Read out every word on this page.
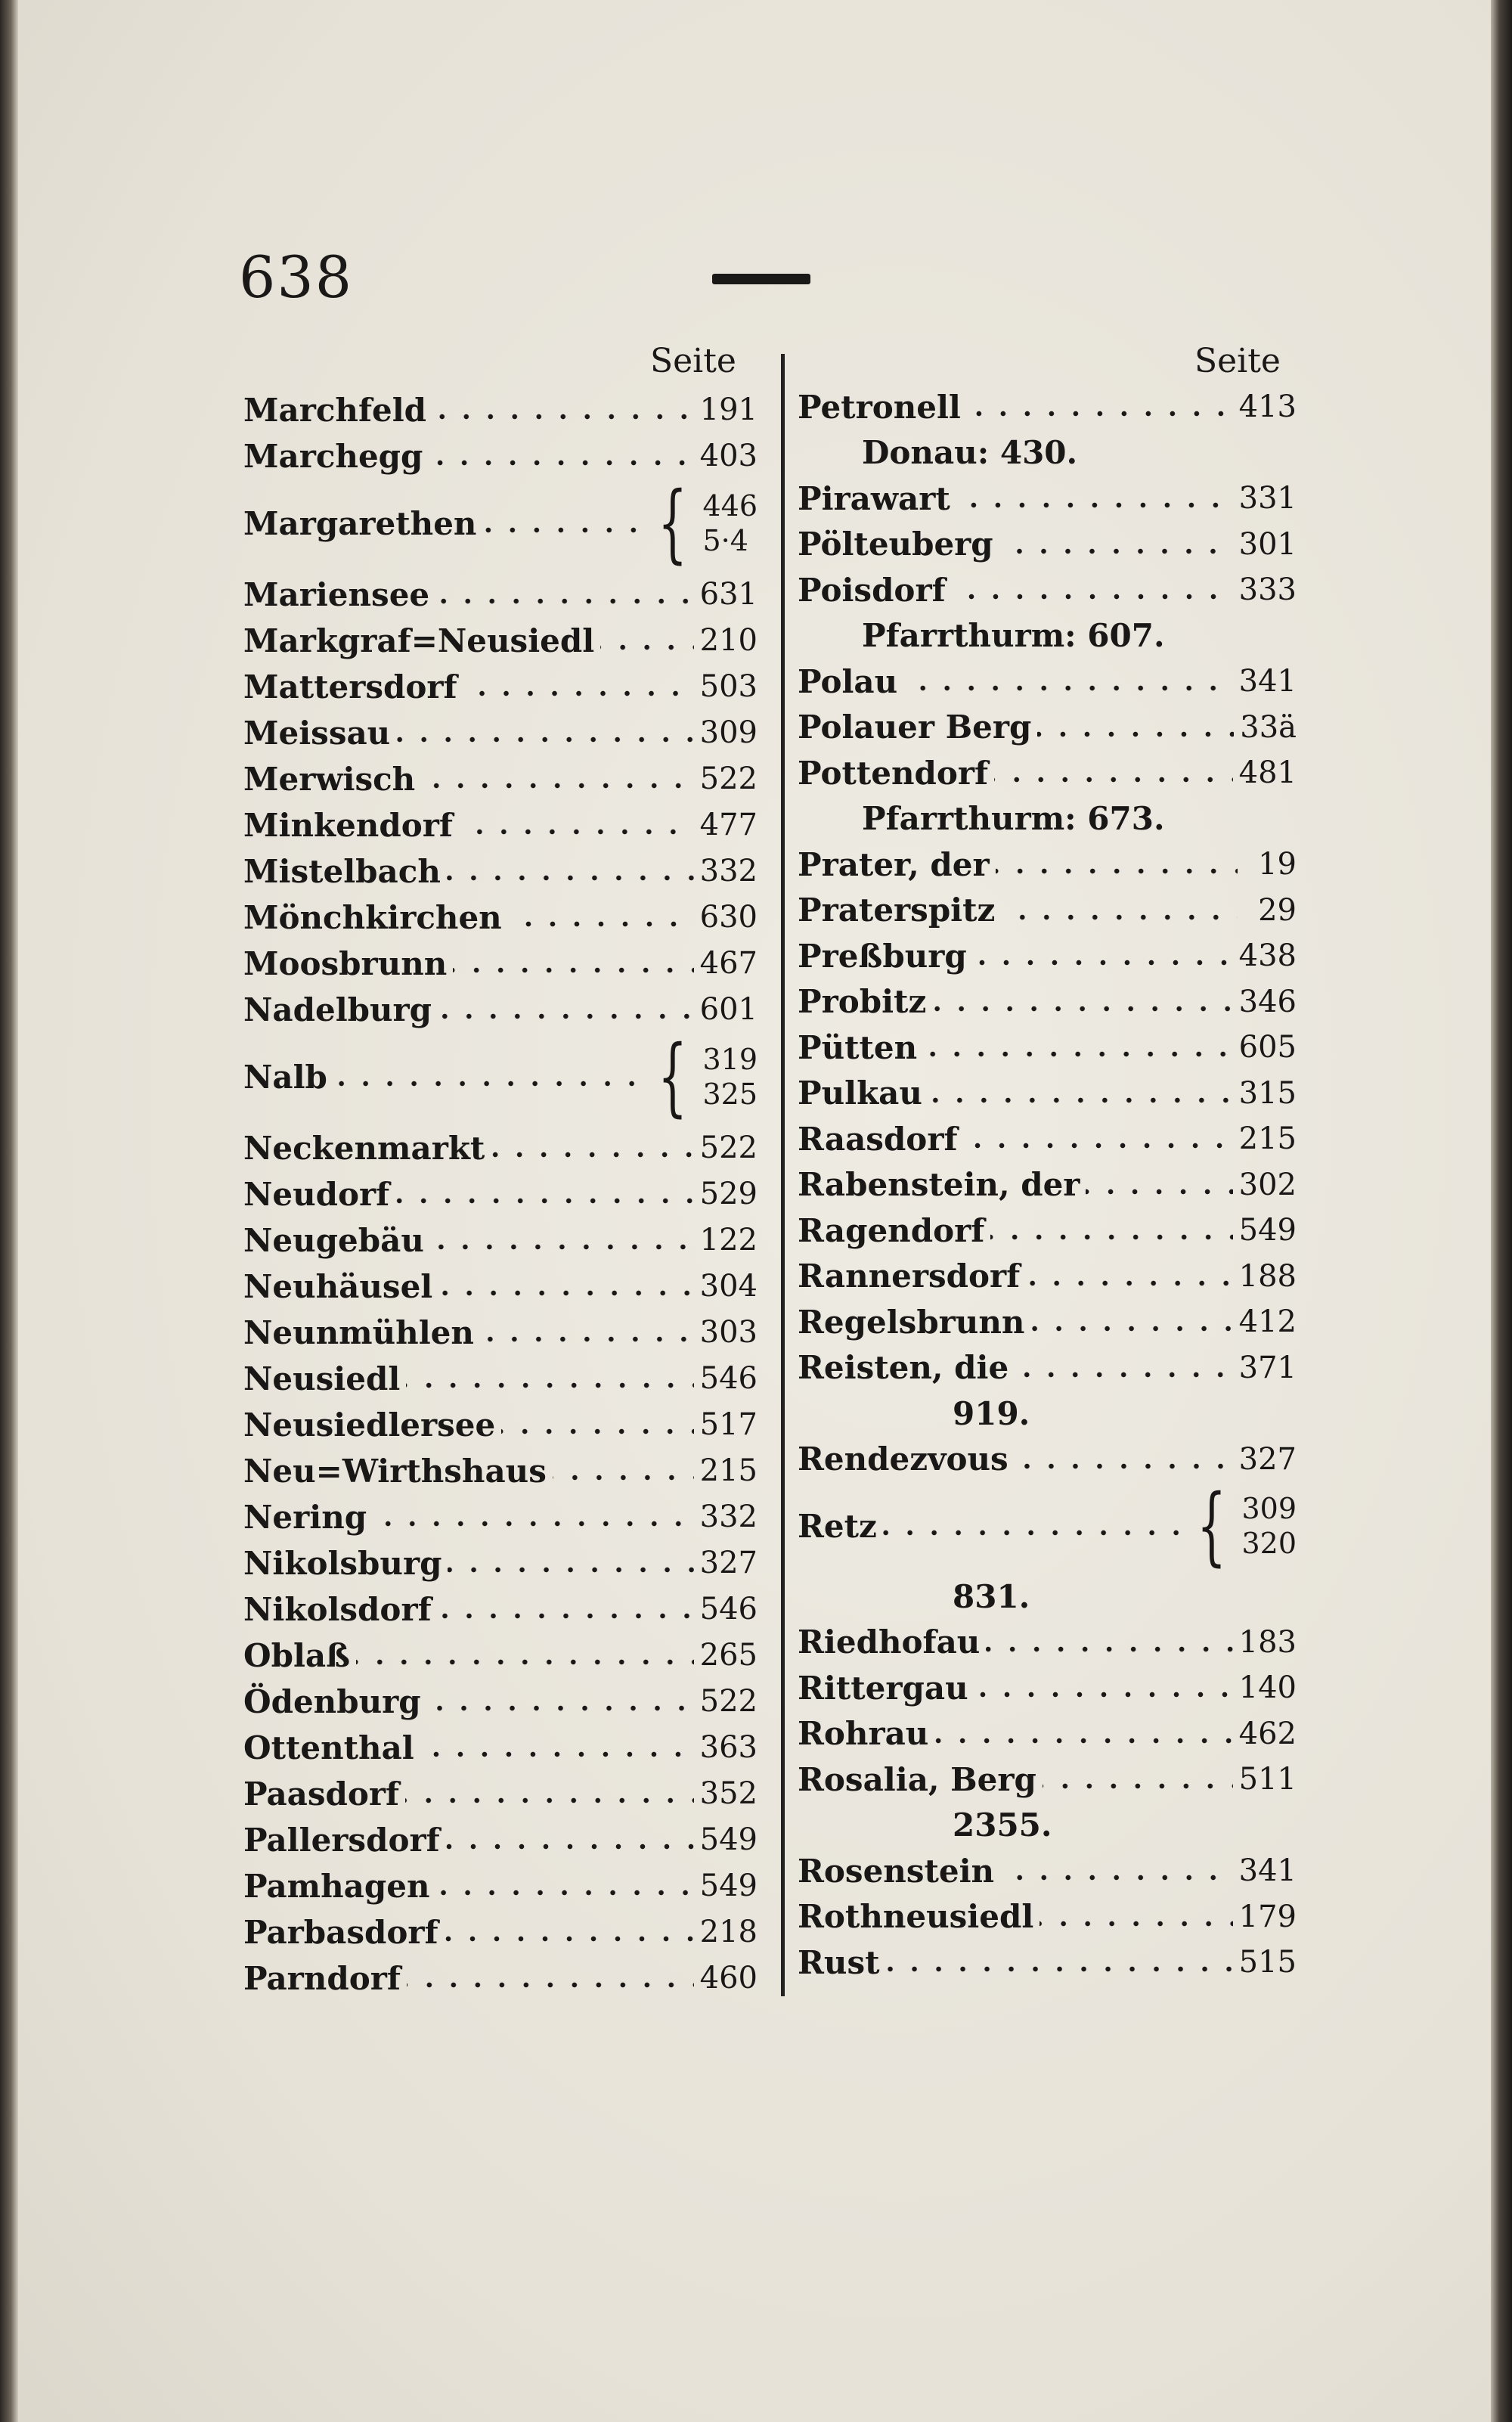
638
Seite	Seite
Marchfeld	191
Marchegg	403
Margarethen { 446
5·4
Mariensee	631
Markgraf=Neusiedl	210
Mattersdorf	503
Meissau	309
Merwisch	522
Minkendorf	477
Mistelbach	332
Mönchkirchen	630
Moosbrunn	467
Nadelburg	601
Nalb	{ 319
325
Neckenmarkt	522
Neudorf	529
Neugebäu	122
Neuhäusel	304
Neunmühlen	303
Neusiedl	546
Neusiedlersee	517
Neu=Wirthshaus	215
Nering	332
Nikolsburg	327
Nikolsdorf	546
Oblaß	265
Ödenburg	522
Ottenthal	363
Paasdorf	352
Pallersdorf	549
Pamhagen	549
Parbasdorf	218
Parndorf	460
Petronell	413
Donau: 430.
Pirawart	331
Pölteuberg	301
Poisdorf	333
Pfarrthurm: 607.
Polau	341
Polauer Berg	33ä
Pottendorf	481
Pfarrthurm: 673.
Prater, der	19
Praterspitz	29
Preßburg	438
Probitz	346
Pütten	605
Pulkau	315
Raasdorf	215
Rabenstein, der	302
Ragendorf	549
Rannersdorf	188
Regelsbrunn	412
Reisten, die	371
919.
Rendezvous	327
Retz	{ 309
320
831.
Riedhofau	183
Rittergau	140
Rohrau	462
Rosalia, Berg	511
2355.
Rosenstein	341
Rothneusiedl	179
Rust	515
